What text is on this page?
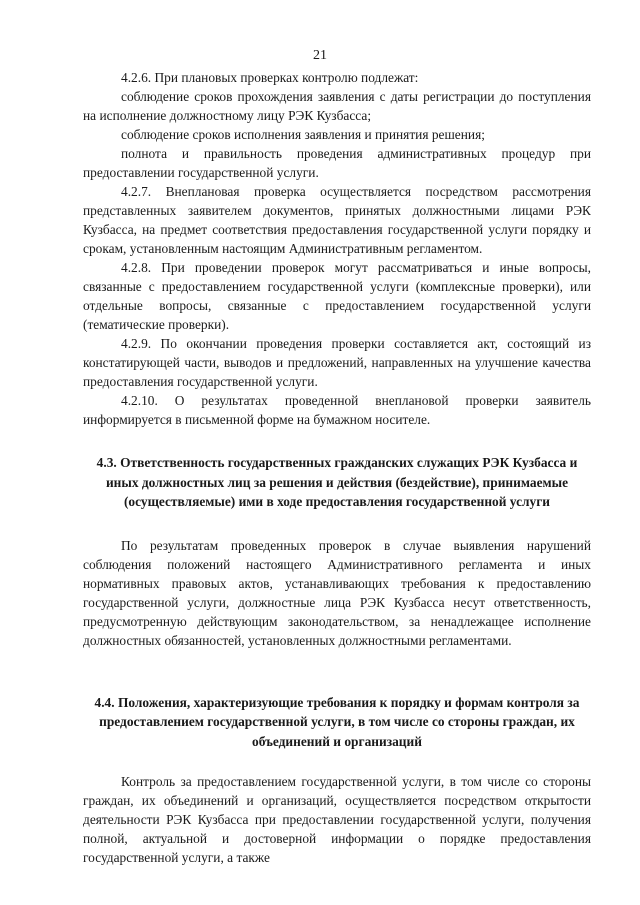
21

4.2.6. При плановых проверках контролю подлежат:

соблюдение сроков прохождения заявления с даты регистрации до поступления на исполнение должностному лицу РЭК Кузбасса;

соблюдение сроков исполнения заявления и принятия решения;

полнота и правильность проведения административных процедур при предоставлении государственной услуги.

4.2.7. Внеплановая проверка осуществляется посредством рассмотрения представленных заявителем документов, принятых должностными лицами РЭК Кузбасса, на предмет соответствия предоставления государственной услуги порядку и срокам, установленным настоящим Административным регламентом.

4.2.8. При проведении проверок могут рассматриваться и иные вопросы, связанные с предоставлением государственной услуги (комплексные проверки), или отдельные вопросы, связанные с предоставлением государственной услуги (тематические проверки).

4.2.9. По окончании проведения проверки составляется акт, состоящий из констатирующей части, выводов и предложений, направленных на улучшение качества предоставления государственной услуги.

4.2.10. О результатах проведенной внеплановой проверки заявитель информируется в письменной форме на бумажном носителе.

4.3. Ответственность государственных гражданских служащих РЭК Кузбасса и иных должностных лиц за решения и действия (бездействие), принимаемые (осуществляемые) ими в ходе предоставления государственной услуги

По результатам проведенных проверок в случае выявления нарушений соблюдения положений настоящего Административного регламента и иных нормативных правовых актов, устанавливающих требования к предоставлению государственной услуги, должностные лица РЭК Кузбасса несут ответственность, предусмотренную действующим законодательством, за ненадлежащее исполнение должностных обязанностей, установленных должностными регламентами.

4.4. Положения, характеризующие требования к порядку и формам контроля за предоставлением государственной услуги, в том числе со стороны граждан, их объединений и организаций

Контроль за предоставлением государственной услуги, в том числе со стороны граждан, их объединений и организаций, осуществляется посредством открытости деятельности РЭК Кузбасса при предоставлении государственной услуги, получения полной, актуальной и достоверной информации о порядке предоставления государственной услуги, а также
